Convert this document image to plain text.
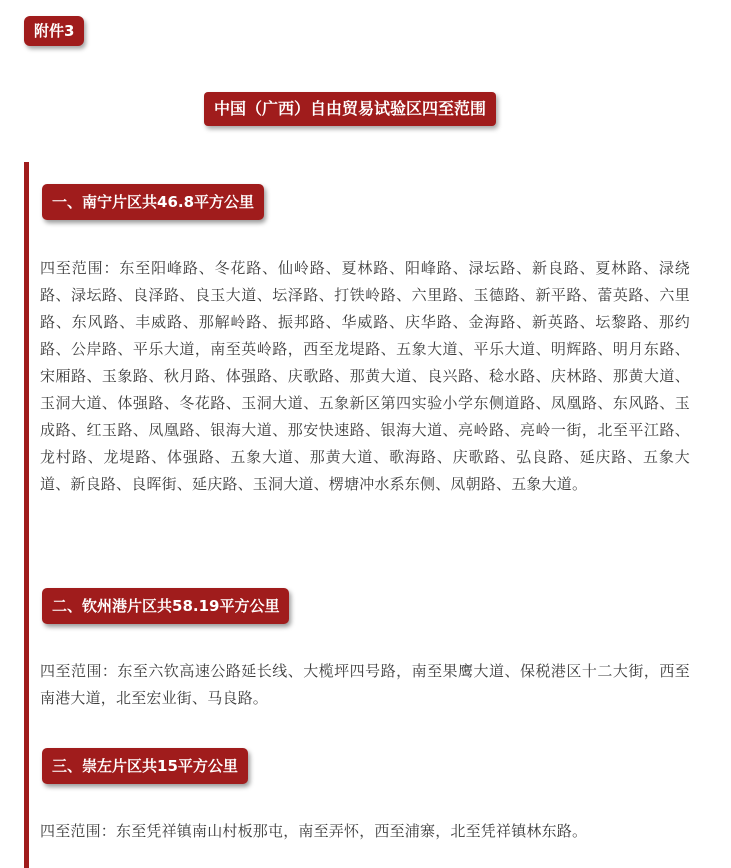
附件3
中国（广西）自由贸易试验区四至范围
一、南宁片区共46.8平方公里

四至范围：东至阳峰路、冬花路、仙岭路、夏林路、阳峰路、渌坛路、新良路、夏林路、渌绕路、渌坛路、良泽路、良玉大道、坛泽路、打铁岭路、六里路、玉德路、新平路、蕾英路、六里路、东风路、丰威路、那解岭路、振邦路、华威路、庆华路、金海路、新英路、坛黎路、那约路、公岸路、平乐大道，南至英岭路，西至龙堤路、五象大道、平乐大道、明辉路、明月东路、宋厢路、玉象路、秋月路、体强路、庆歌路、那黄大道、良兴路、稔水路、庆林路、那黄大道、玉洞大道、体强路、冬花路、玉洞大道、五象新区第四实验小学东侧道路、凤凰路、东风路、玉成路、红玉路、凤凰路、银海大道、那安快速路、银海大道、亮岭路、亮岭一街，北至平江路、龙村路、龙堤路、体强路、五象大道、那黄大道、歌海路、庆歌路、弘良路、延庆路、五象大道、新良路、良晖街、延庆路、玉洞大道、楞塘冲水系东侧、凤朝路、五象大道。

二、钦州港片区共58.19平方公里

四至范围：东至六钦高速公路延长线、大榄坪四号路，南至果鹰大道、保税港区十二大街，西至南港大道，北至宏业街、马良路。

三、崇左片区共15平方公里

四至范围：东至凭祥镇南山村板那屯，南至弄怀，西至浦寨，北至凭祥镇林东路。
